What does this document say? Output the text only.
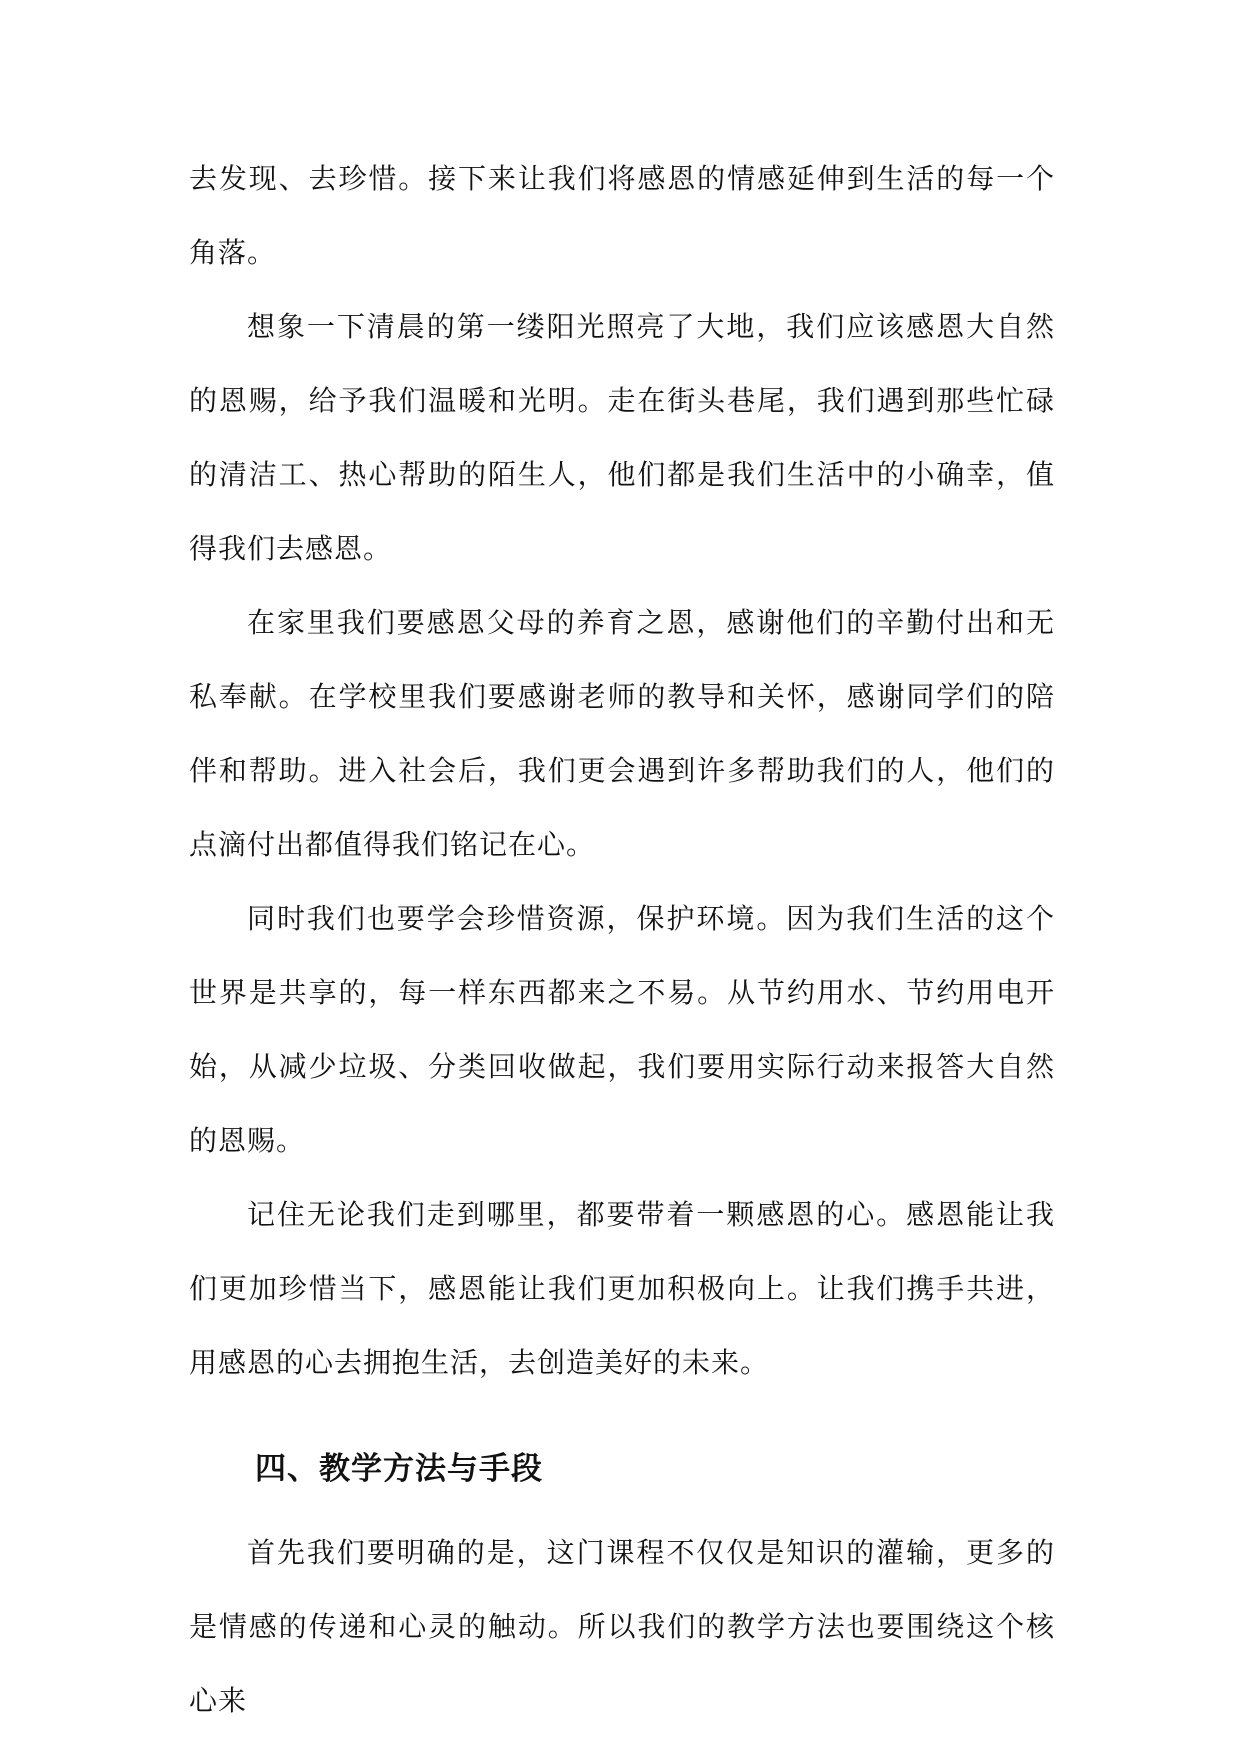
去发现、去珍惜。接下来让我们将感恩的情感延伸到生活的每一个角落。

想象一下清晨的第一缕阳光照亮了大地，我们应该感恩大自然的恩赐，给予我们温暖和光明。走在街头巷尾，我们遇到那些忙碌的清洁工、热心帮助的陌生人，他们都是我们生活中的小确幸，值得我们去感恩。

在家里我们要感恩父母的养育之恩，感谢他们的辛勤付出和无私奉献。在学校里我们要感谢老师的教导和关怀，感谢同学们的陪伴和帮助。进入社会后，我们更会遇到许多帮助我们的人，他们的点滴付出都值得我们铭记在心。

同时我们也要学会珍惜资源，保护环境。因为我们生活的这个世界是共享的，每一样东西都来之不易。从节约用水、节约用电开始，从减少垃圾、分类回收做起，我们要用实际行动来报答大自然的恩赐。

记住无论我们走到哪里，都要带着一颗感恩的心。感恩能让我们更加珍惜当下，感恩能让我们更加积极向上。让我们携手共进，用感恩的心去拥抱生活，去创造美好的未来。

四、教学方法与手段

首先我们要明确的是，这门课程不仅仅是知识的灌输，更多的是情感的传递和心灵的触动。所以我们的教学方法也要围绕这个核心来
